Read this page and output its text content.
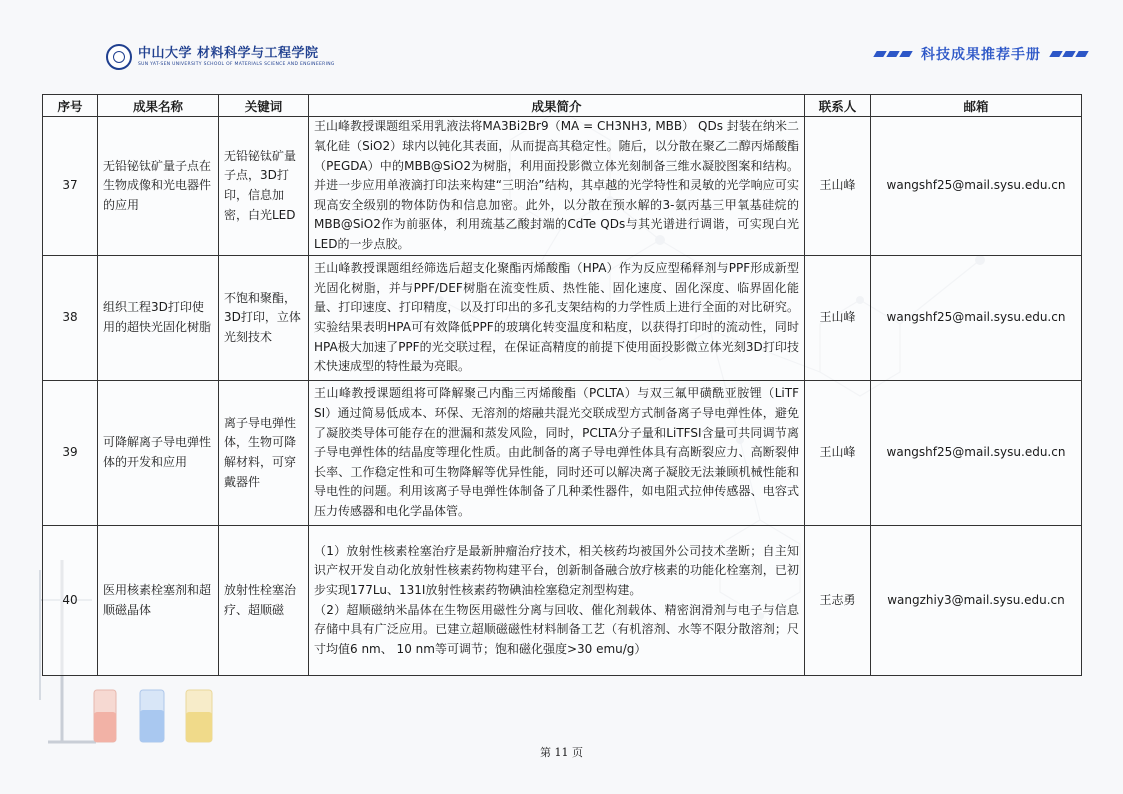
中山大学 材料科学与工程学院
SUN YAT-SEN UNIVERSITY SCHOOL OF MATERIALS SCIENCE AND ENGINEERING
科技成果推荐手册
序号	成果名称	关键词	成果简介	联系人	邮箱
37	无铅铋钛矿量子点在生物成像和光电器件的应用	无铅铋钛矿量子点，3D打印，信息加密，白光LED	王山峰教授课题组采用乳液法将MA3Bi2Br9（MA = CH3NH3, MBB） QDs 封装在纳米二氧化硅（SiO2）球内以钝化其表面，从而提高其稳定性。随后，以分散在聚乙二醇丙烯酸酯（PEGDA）中的MBB@SiO2为树脂，利用面投影微立体光刻制备三维水凝胶图案和结构。并进一步应用单液滴打印法来构建“三明治”结构，其卓越的光学特性和灵敏的光学响应可实现高安全级别的物体防伪和信息加密。此外，以分散在预水解的3-氨丙基三甲氧基硅烷的MBB@SiO2作为前驱体，利用巯基乙酸封端的CdTe QDs与其光谱进行调谐，可实现白光LED的一步点胶。	王山峰	wangshf25@mail.sysu.edu.cn
38	组织工程3D打印使用的超快光固化树脂	不饱和聚酯，3D打印，立体光刻技术	王山峰教授课题组经筛选后超支化聚酯丙烯酸酯（HPA）作为反应型稀释剂与PPF形成新型光固化树脂，并与PPF/DEF树脂在流变性质、热性能、固化速度、固化深度、临界固化能量、打印速度、打印精度，以及打印出的多孔支架结构的力学性质上进行全面的对比研究。实验结果表明HPA可有效降低PPF的玻璃化转变温度和粘度，以获得打印时的流动性，同时HPA极大加速了PPF的光交联过程，在保证高精度的前提下使用面投影微立体光刻3D打印技术快速成型的特性最为亮眼。	王山峰	wangshf25@mail.sysu.edu.cn
39	可降解离子导电弹性体的开发和应用	离子导电弹性体，生物可降解材料，可穿戴器件	王山峰教授课题组将可降解聚己内酯三丙烯酸酯（PCLTA）与双三氟甲磺酰亚胺锂（LiTF SI）通过简易低成本、环保、无溶剂的熔融共混光交联成型方式制备离子导电弹性体，避免了凝胶类导体可能存在的泄漏和蒸发风险，同时，PCLTA分子量和LiTFSI含量可共同调节离子导电弹性体的结晶度等理化性质。由此制备的离子导电弹性体具有高断裂应力、高断裂伸长率、工作稳定性和可生物降解等优异性能，同时还可以解决离子凝胶无法兼顾机械性能和导电性的问题。利用该离子导电弹性体制备了几种柔性器件，如电阻式拉伸传感器、电容式压力传感器和电化学晶体管。	王山峰	wangshf25@mail.sysu.edu.cn
40	医用核素栓塞剂和超顺磁晶体	放射性栓塞治疗、超顺磁	（1）放射性核素栓塞治疗是最新肿瘤治疗技术，相关核药均被国外公司技术垄断；自主知识产权开发自动化放射性核素药物构建平台，创新制备融合放疗核素的功能化栓塞剂，已初步实现177Lu、131I放射性核素药物碘油栓塞稳定剂型构建。
（2）超顺磁纳米晶体在生物医用磁性分离与回收、催化剂载体、精密润滑剂与电子与信息存储中具有广泛应用。已建立超顺磁磁性材料制备工艺（有机溶剂、水等不限分散溶剂；尺寸均值6 nm、 10 nm等可调节；饱和磁化强度>30 emu/g）	王志勇	wangzhiy3@mail.sysu.edu.cn
第 11 页
